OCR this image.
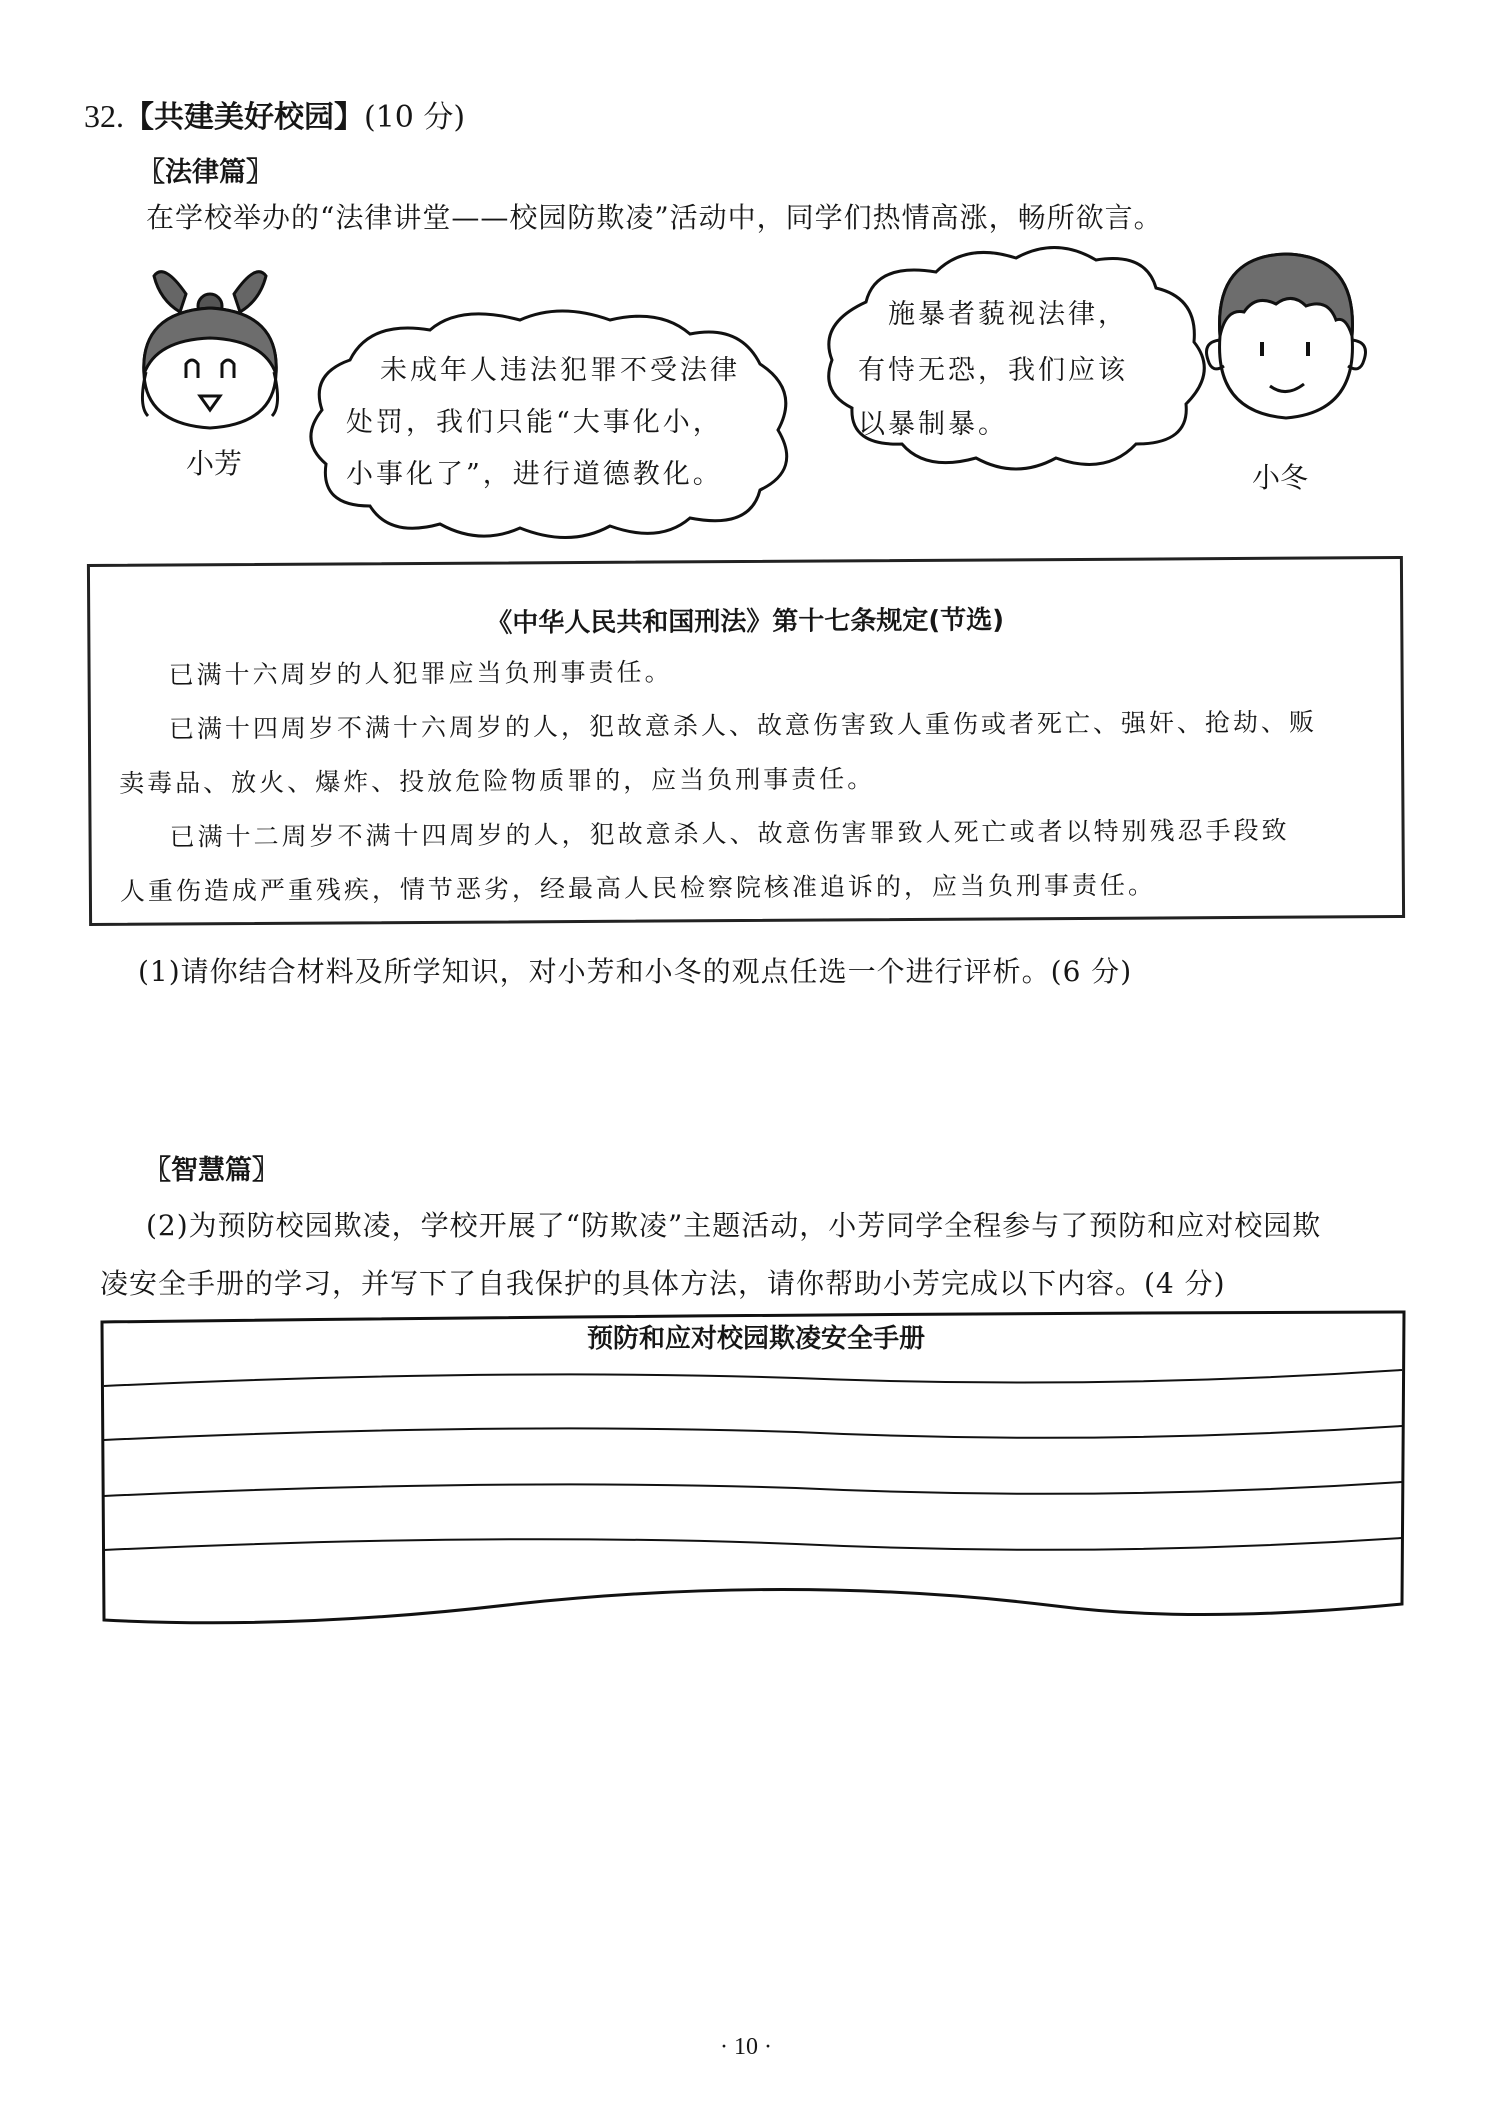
32.【共建美好校园】(10 分)
〖法律篇〗
在学校举办的“法律讲堂——校园防欺凌”活动中，同学们热情高涨，畅所欲言。
小芳
未成年人违法犯罪不受法律
处罚，我们只能“大事化小，
小事化了”，进行道德教化。
施暴者藐视法律，
有恃无恐，我们应该
以暴制暴。
小冬
《中华人民共和国刑法》第十七条规定(节选)
已满十六周岁的人犯罪应当负刑事责任。
已满十四周岁不满十六周岁的人，犯故意杀人、故意伤害致人重伤或者死亡、强奸、抢劫、贩
卖毒品、放火、爆炸、投放危险物质罪的，应当负刑事责任。
已满十二周岁不满十四周岁的人，犯故意杀人、故意伤害罪致人死亡或者以特别残忍手段致
人重伤造成严重残疾，情节恶劣，经最高人民检察院核准追诉的，应当负刑事责任。
(1)请你结合材料及所学知识，对小芳和小冬的观点任选一个进行评析。(6 分)
〖智慧篇〗
(2)为预防校园欺凌，学校开展了“防欺凌”主题活动，小芳同学全程参与了预防和应对校园欺
凌安全手册的学习，并写下了自我保护的具体方法，请你帮助小芳完成以下内容。(4 分)
预防和应对校园欺凌安全手册
· 10 ·
